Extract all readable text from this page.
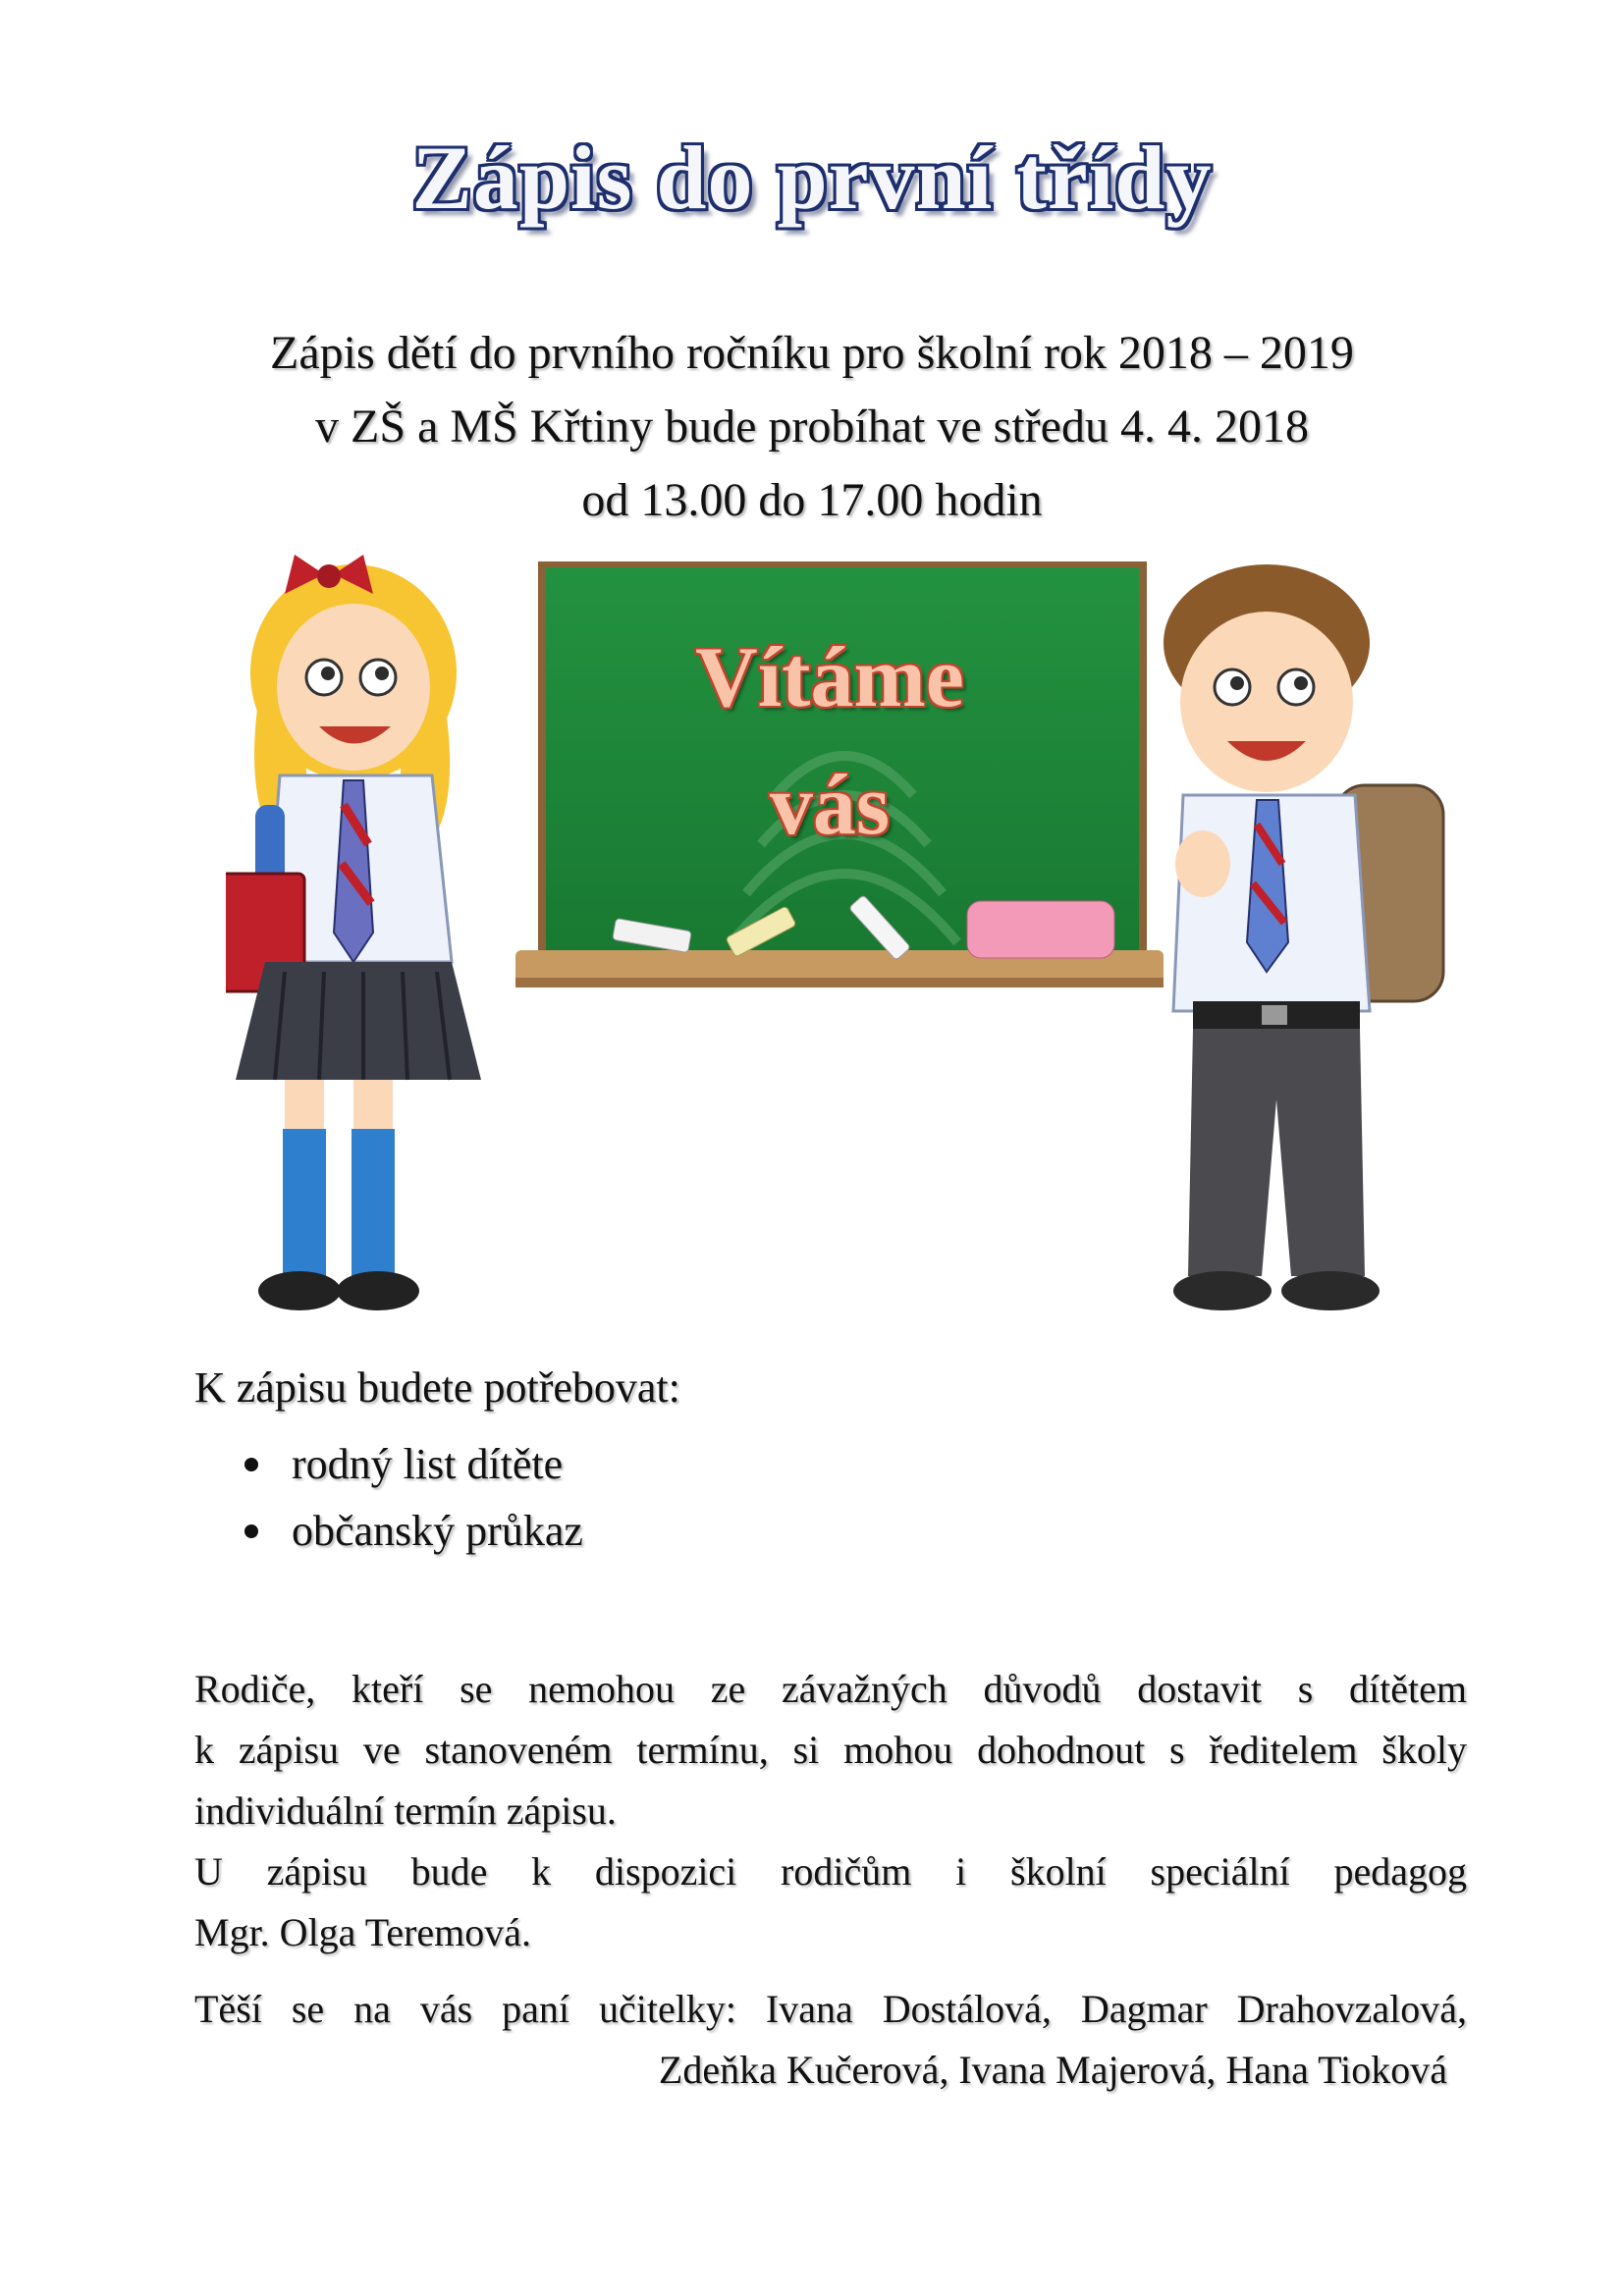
Zápis do první třídy
Zápis dětí do prvního ročníku pro školní rok 2018 – 2019
v ZŠ a MŠ Křtiny bude probíhat ve středu 4. 4. 2018
od 13.00 do 17.00 hodin
Vítáme
vás
K zápisu budete potřebovat:
rodný list dítěte
občanský průkaz
Rodiče, kteří se nemohou ze závažných důvodů dostavit s dítětem
k zápisu ve stanoveném termínu, si mohou dohodnout s ředitelem školy
individuální termín zápisu.
U zápisu bude k dispozici rodičům i školní speciální pedagog
Mgr. Olga Teremová.
Těší se na vás paní učitelky: Ivana Dostálová, Dagmar Drahovzalová,
Zdeňka Kučerová, Ivana Majerová, Hana Tioková
